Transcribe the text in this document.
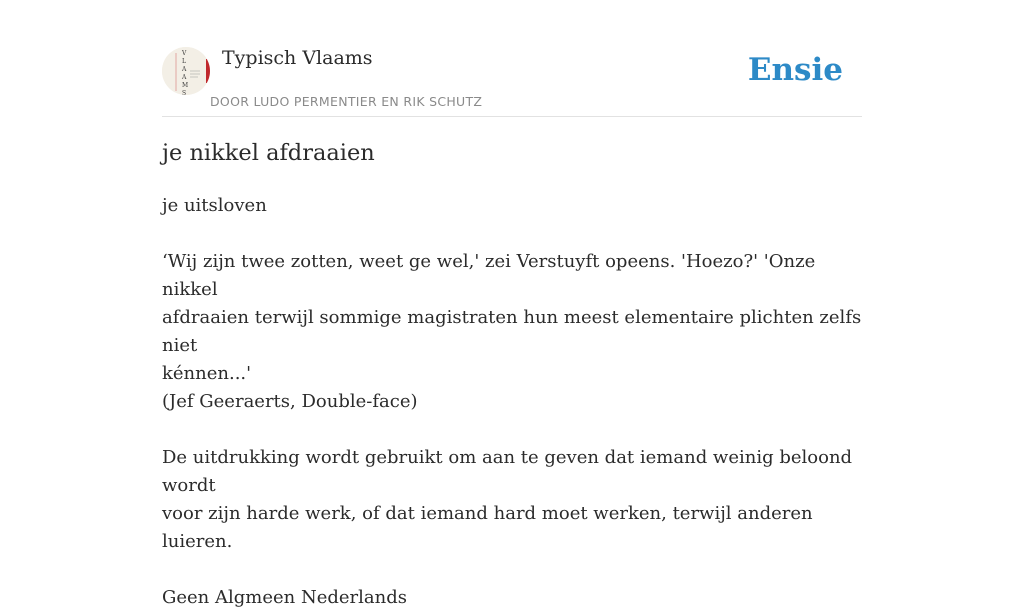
V
L
A
A
M
S
Typisch Vlaams
DOOR LUDO PERMENTIER EN RIK SCHUTZ
Ensie
je nikkel afdraaien

je uitsloven

‘Wij zijn twee zotten, weet ge wel,' zei Verstuyft opeens. 'Hoezo?' 'Onze nikkel

afdraaien terwijl sommige magistraten hun meest elementaire plichten zelfs niet

kénnen...'

(Jef Geeraerts, Double-face)

De uitdrukking wordt gebruikt om aan te geven dat iemand weinig beloond wordt

voor zijn harde werk, of dat iemand hard moet werken, terwijl anderen luieren.

Geen Algmeen Nederlands
